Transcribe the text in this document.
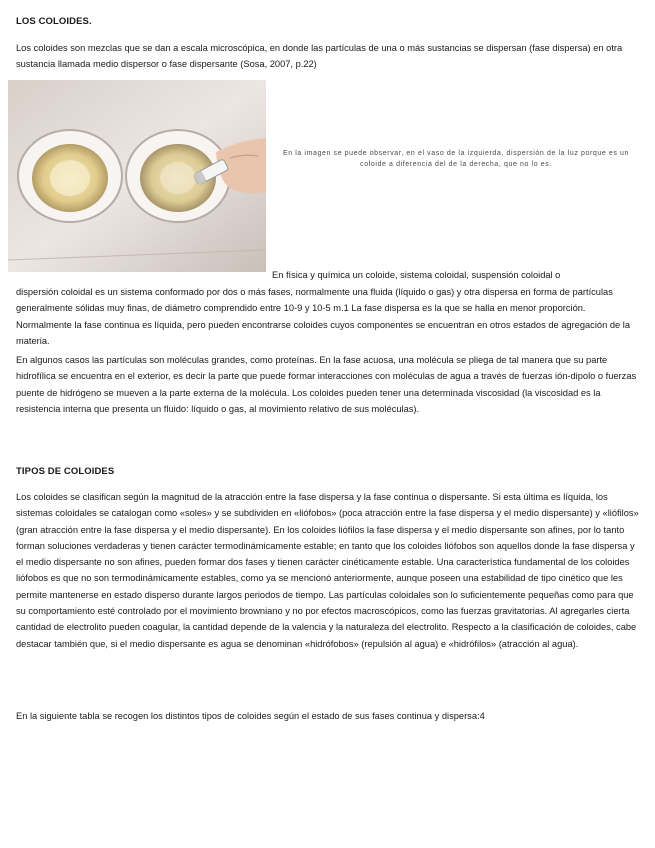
LOS COLOIDES.
Los coloides son mezclas que se dan a escala microscópica, en donde las partículas de una o más sustancias se dispersan (fase dispersa) en otra sustancia llamada medio dispersor o fase dispersante (Sosa, 2007, p.22)
En la imagen se puede observar, en el vaso de la izquierda, dispersión de la luz porque es un coloide a diferencia del de la derecha, que no lo es.
En física y química un coloide, sistema coloidal, suspensión coloidal o
dispersión coloidal es un sistema conformado por dos o más fases, normalmente una fluida (líquido o gas) y otra dispersa en forma de partículas generalmente sólidas muy finas, de diámetro comprendido entre 10-9 y 10-5 m.1 La fase dispersa es la que se halla en menor proporción. Normalmente la fase continua es líquida, pero pueden encontrarse coloides cuyos componentes se encuentran en otros estados de agregación de la materia.
En algunos casos las partículas son moléculas grandes, como proteínas. En la fase acuosa, una molécula se pliega de tal manera que su parte hidrofílica se encuentra en el exterior, es decir la parte que puede formar interacciones con moléculas de agua a través de fuerzas ión-dipolo o fuerzas puente de hidrógeno se mueven a la parte externa de la molécula. Los coloides pueden tener una determinada viscosidad (la viscosidad es la resistencia interna que presenta un fluido: líquido o gas, al movimiento relativo de sus moléculas).
TIPOS DE COLOIDES
Los coloides se clasifican según la magnitud de la atracción entre la fase dispersa y la fase continua o dispersante. Si esta última es líquida, los sistemas coloidales se catalogan como «soles» y se subdividen en «liófobos» (poca atracción entre la fase dispersa y el medio dispersante) y «liófilos» (gran atracción entre la fase dispersa y el medio dispersante). En los coloides liófilos la fase dispersa y el medio dispersante son afines, por lo tanto forman soluciones verdaderas y tienen carácter termodinámicamente estable; en tanto que los coloides liófobos son aquellos donde la fase dispersa y el medio dispersante no son afines, pueden formar dos fases y tienen carácter cinéticamente estable. Una característica fundamental de los coloides liófobos es que no son termodinámicamente estables, como ya se mencionó anteriormente, aunque poseen una estabilidad de tipo cinético que les permite mantenerse en estado disperso durante largos periodos de tiempo. Las partículas coloidales son lo suficientemente pequeñas como para que su comportamiento esté controlado por el movimiento browniano y no por efectos macroscópicos, como las fuerzas gravitatorias. Al agregarles cierta cantidad de electrolito pueden coagular, la cantidad depende de la valencia y la naturaleza del electrolito. Respecto a la clasificación de coloides, cabe destacar también que, si el medio dispersante es agua se denominan «hidrófobos» (repulsión al agua) e «hidrófilos» (atracción al agua).
En la siguiente tabla se recogen los distintos tipos de coloides según el estado de sus fases continua y dispersa:4
